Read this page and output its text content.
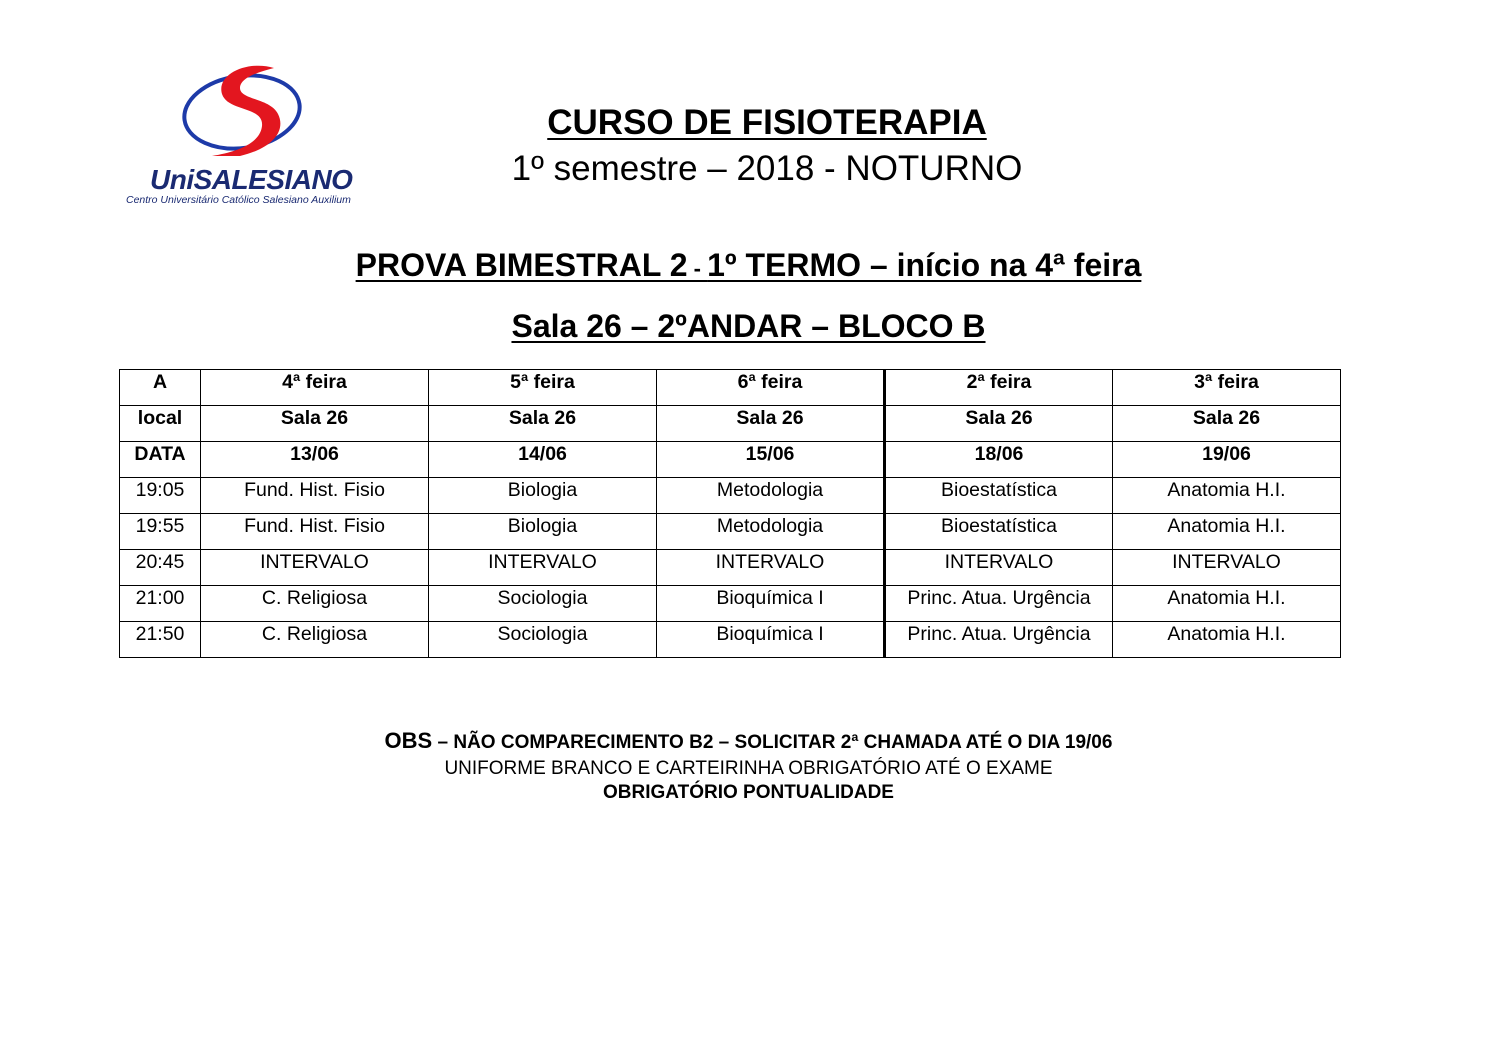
UniSALESIANO
Centro Universitário Católico Salesiano Auxilium
CURSO DE FISIOTERAPIA
1º semestre – 2018 - NOTURNO
PROVA BIMESTRAL 2 - 1º TERMO – início na 4ª feira
Sala 26 – 2ºANDAR – BLOCO B
A	4ª feira	5ª feira	6ª feira	2ª feira	3ª feira
local	Sala 26	Sala 26	Sala 26	Sala 26	Sala 26
DATA	13/06	14/06	15/06	18/06	19/06
19:05	Fund. Hist. Fisio	Biologia	Metodologia	Bioestatística	Anatomia H.I.
19:55	Fund. Hist. Fisio	Biologia	Metodologia	Bioestatística	Anatomia H.I.
20:45	INTERVALO	INTERVALO	INTERVALO	INTERVALO	INTERVALO
21:00	C. Religiosa	Sociologia	Bioquímica I	Princ. Atua. Urgência	Anatomia H.I.
21:50	C. Religiosa	Sociologia	Bioquímica I	Princ. Atua. Urgência	Anatomia H.I.
OBS – NÃO COMPARECIMENTO B2 – SOLICITAR 2ª CHAMADA ATÉ O DIA 19/06
UNIFORME BRANCO E CARTEIRINHA OBRIGATÓRIO ATÉ O EXAME
OBRIGATÓRIO PONTUALIDADE
